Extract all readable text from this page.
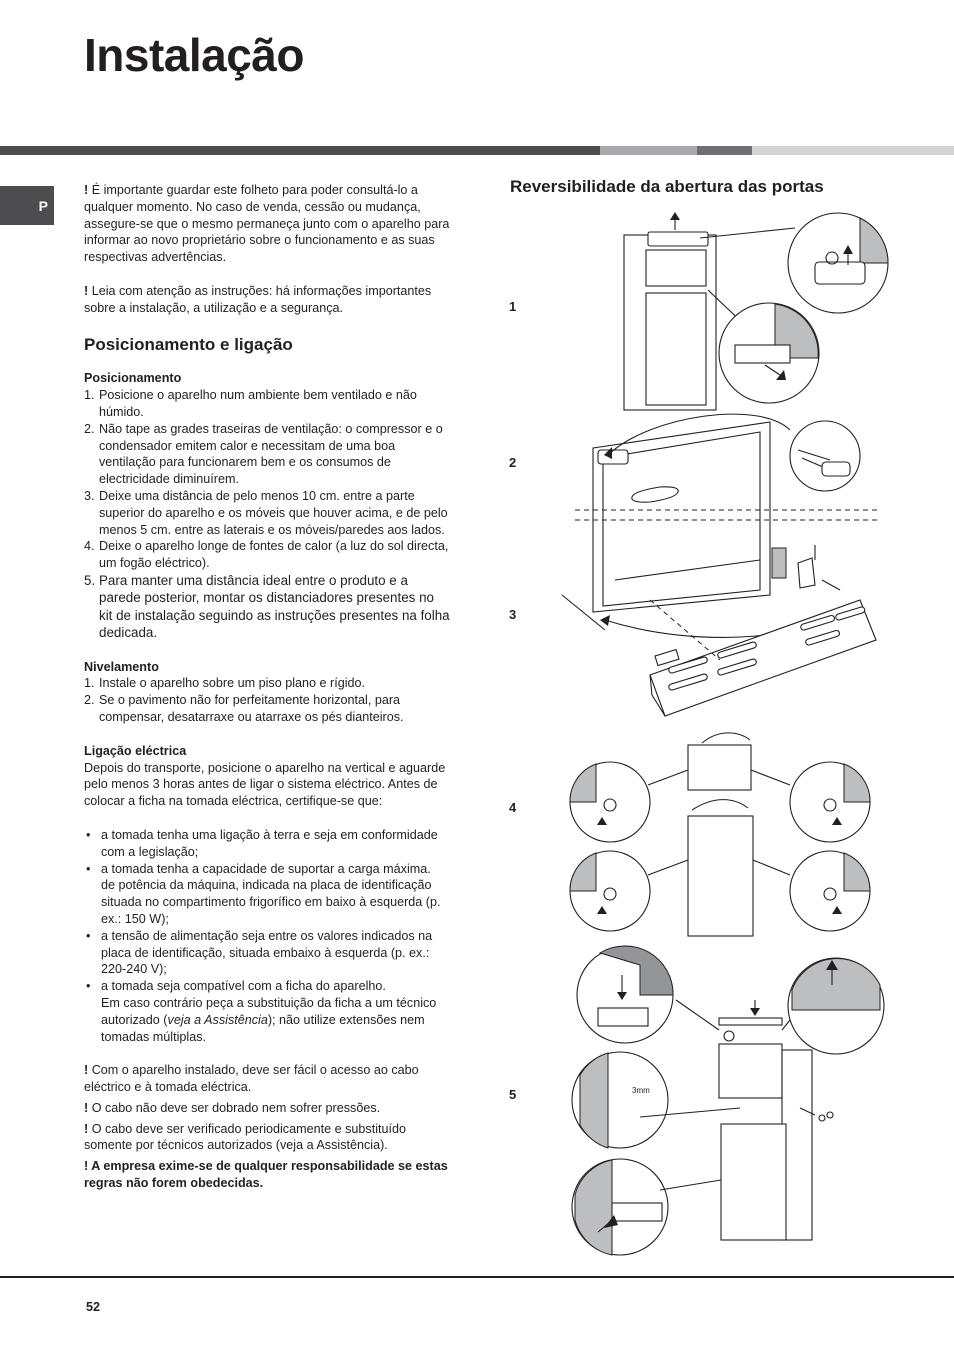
Instalação
P

! É importante guardar este folheto para poder consultá-lo a qualquer momento. No caso de venda, cessão ou mudança, assegure-se que o mesmo permaneça junto com o aparelho para informar ao novo proprietário sobre o funcionamento e as suas respectivas advertências.

! Leia com atenção as instruções: há informações importantes sobre a instalação, a utilização e a segurança.

Posicionamento e ligação

Posicionamento

1. Posicione o aparelho num ambiente bem ventilado e não húmido.
2. Não tape as grades traseiras de ventilação: o compressor e o condensador emitem calor e necessitam de uma boa ventilação para funcionarem bem e os consumos de electricidade diminuírem.
3. Deixe uma distância de pelo menos 10 cm. entre a parte superior do aparelho e os móveis que houver acima, e de pelo menos 5 cm. entre as laterais e os móveis/paredes aos lados.
4. Deixe o aparelho longe de fontes de calor (a luz do sol directa, um fogão eléctrico).
5. Para manter uma distância ideal entre o produto e a parede posterior, montar os distanciadores presentes no kit de instalação seguindo as instruções presentes na folha dedicada.

Nivelamento

1. Instale o aparelho sobre um piso plano e rígido.
2. Se o pavimento não for perfeitamente horizontal, para compensar, desatarraxe ou atarraxe os pés dianteiros.

Ligação eléctrica

Depois do transporte, posicione o aparelho na vertical e aguarde pelo menos 3 horas antes de ligar o sistema eléctrico. Antes de colocar a ficha na tomada eléctrica, certifique-se que:

• a tomada tenha uma ligação à terra e seja em conformidade com a legislação;
• a tomada tenha a capacidade de suportar a carga máxima.
de potência da máquina, indicada na placa de identificação situada no compartimento frigorífico em baixo à esquerda (p. ex.: 150 W);
• a tensão de alimentação seja entre os valores indicados na placa de identificação, situada embaixo à esquerda (p. ex.: 220-240 V);
• a tomada seja compatível com a ficha do aparelho.
Em caso contrário peça a substituição da ficha a um técnico autorizado (veja a Assistência); não utilize extensões nem tomadas múltiplas.

! Com o aparelho instalado, deve ser fácil o acesso ao cabo eléctrico e à tomada eléctrica.

! O cabo não deve ser dobrado nem sofrer pressões.

! O cabo deve ser verificado periodicamente e substituído somente por técnicos autorizados (veja a Assistência).

! A empresa exime-se de qualquer responsabilidade se estas regras não forem obedecidas.

Reversibilidade da abertura das portas

1
2
3
4
5	3mm
52
